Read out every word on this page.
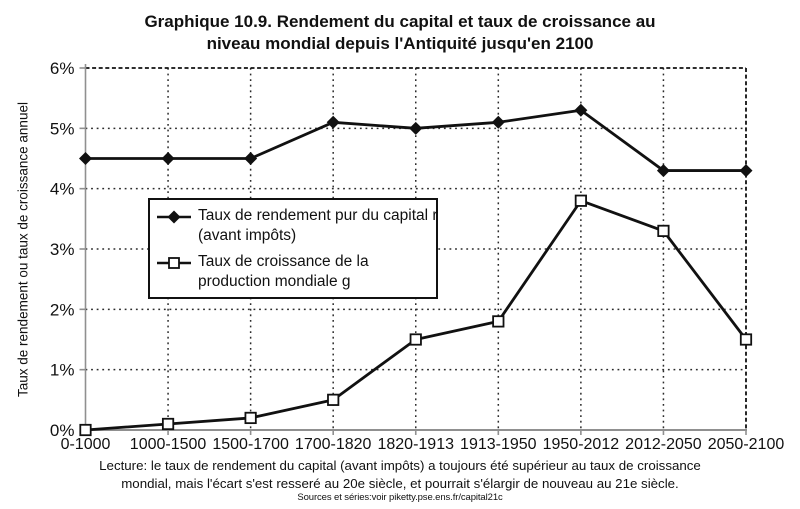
Graphique 10.9. Rendement du capital et taux de croissance au
niveau mondial depuis l'Antiquité jusqu'en 2100
Taux de rendement ou taux de croissance annuel
0%
1%
2%
3%
4%
5%
6%
0-1000 1000-1500 1500-1700 1700-1820 1820-1913 1913-1950 1950-2012 2012-2050 2050-2100
Taux de rendement pur du capital r
(avant impôts)
Taux de croissance de la
production mondiale g
Lecture: le taux de rendement du capital (avant impôts) a toujours été supérieur au taux de croissance
mondial, mais l'écart s'est resseré au 20e siècle, et pourrait s'élargir de nouveau au 21e siècle.
Sources et séries:voir piketty.pse.ens.fr/capital21c
